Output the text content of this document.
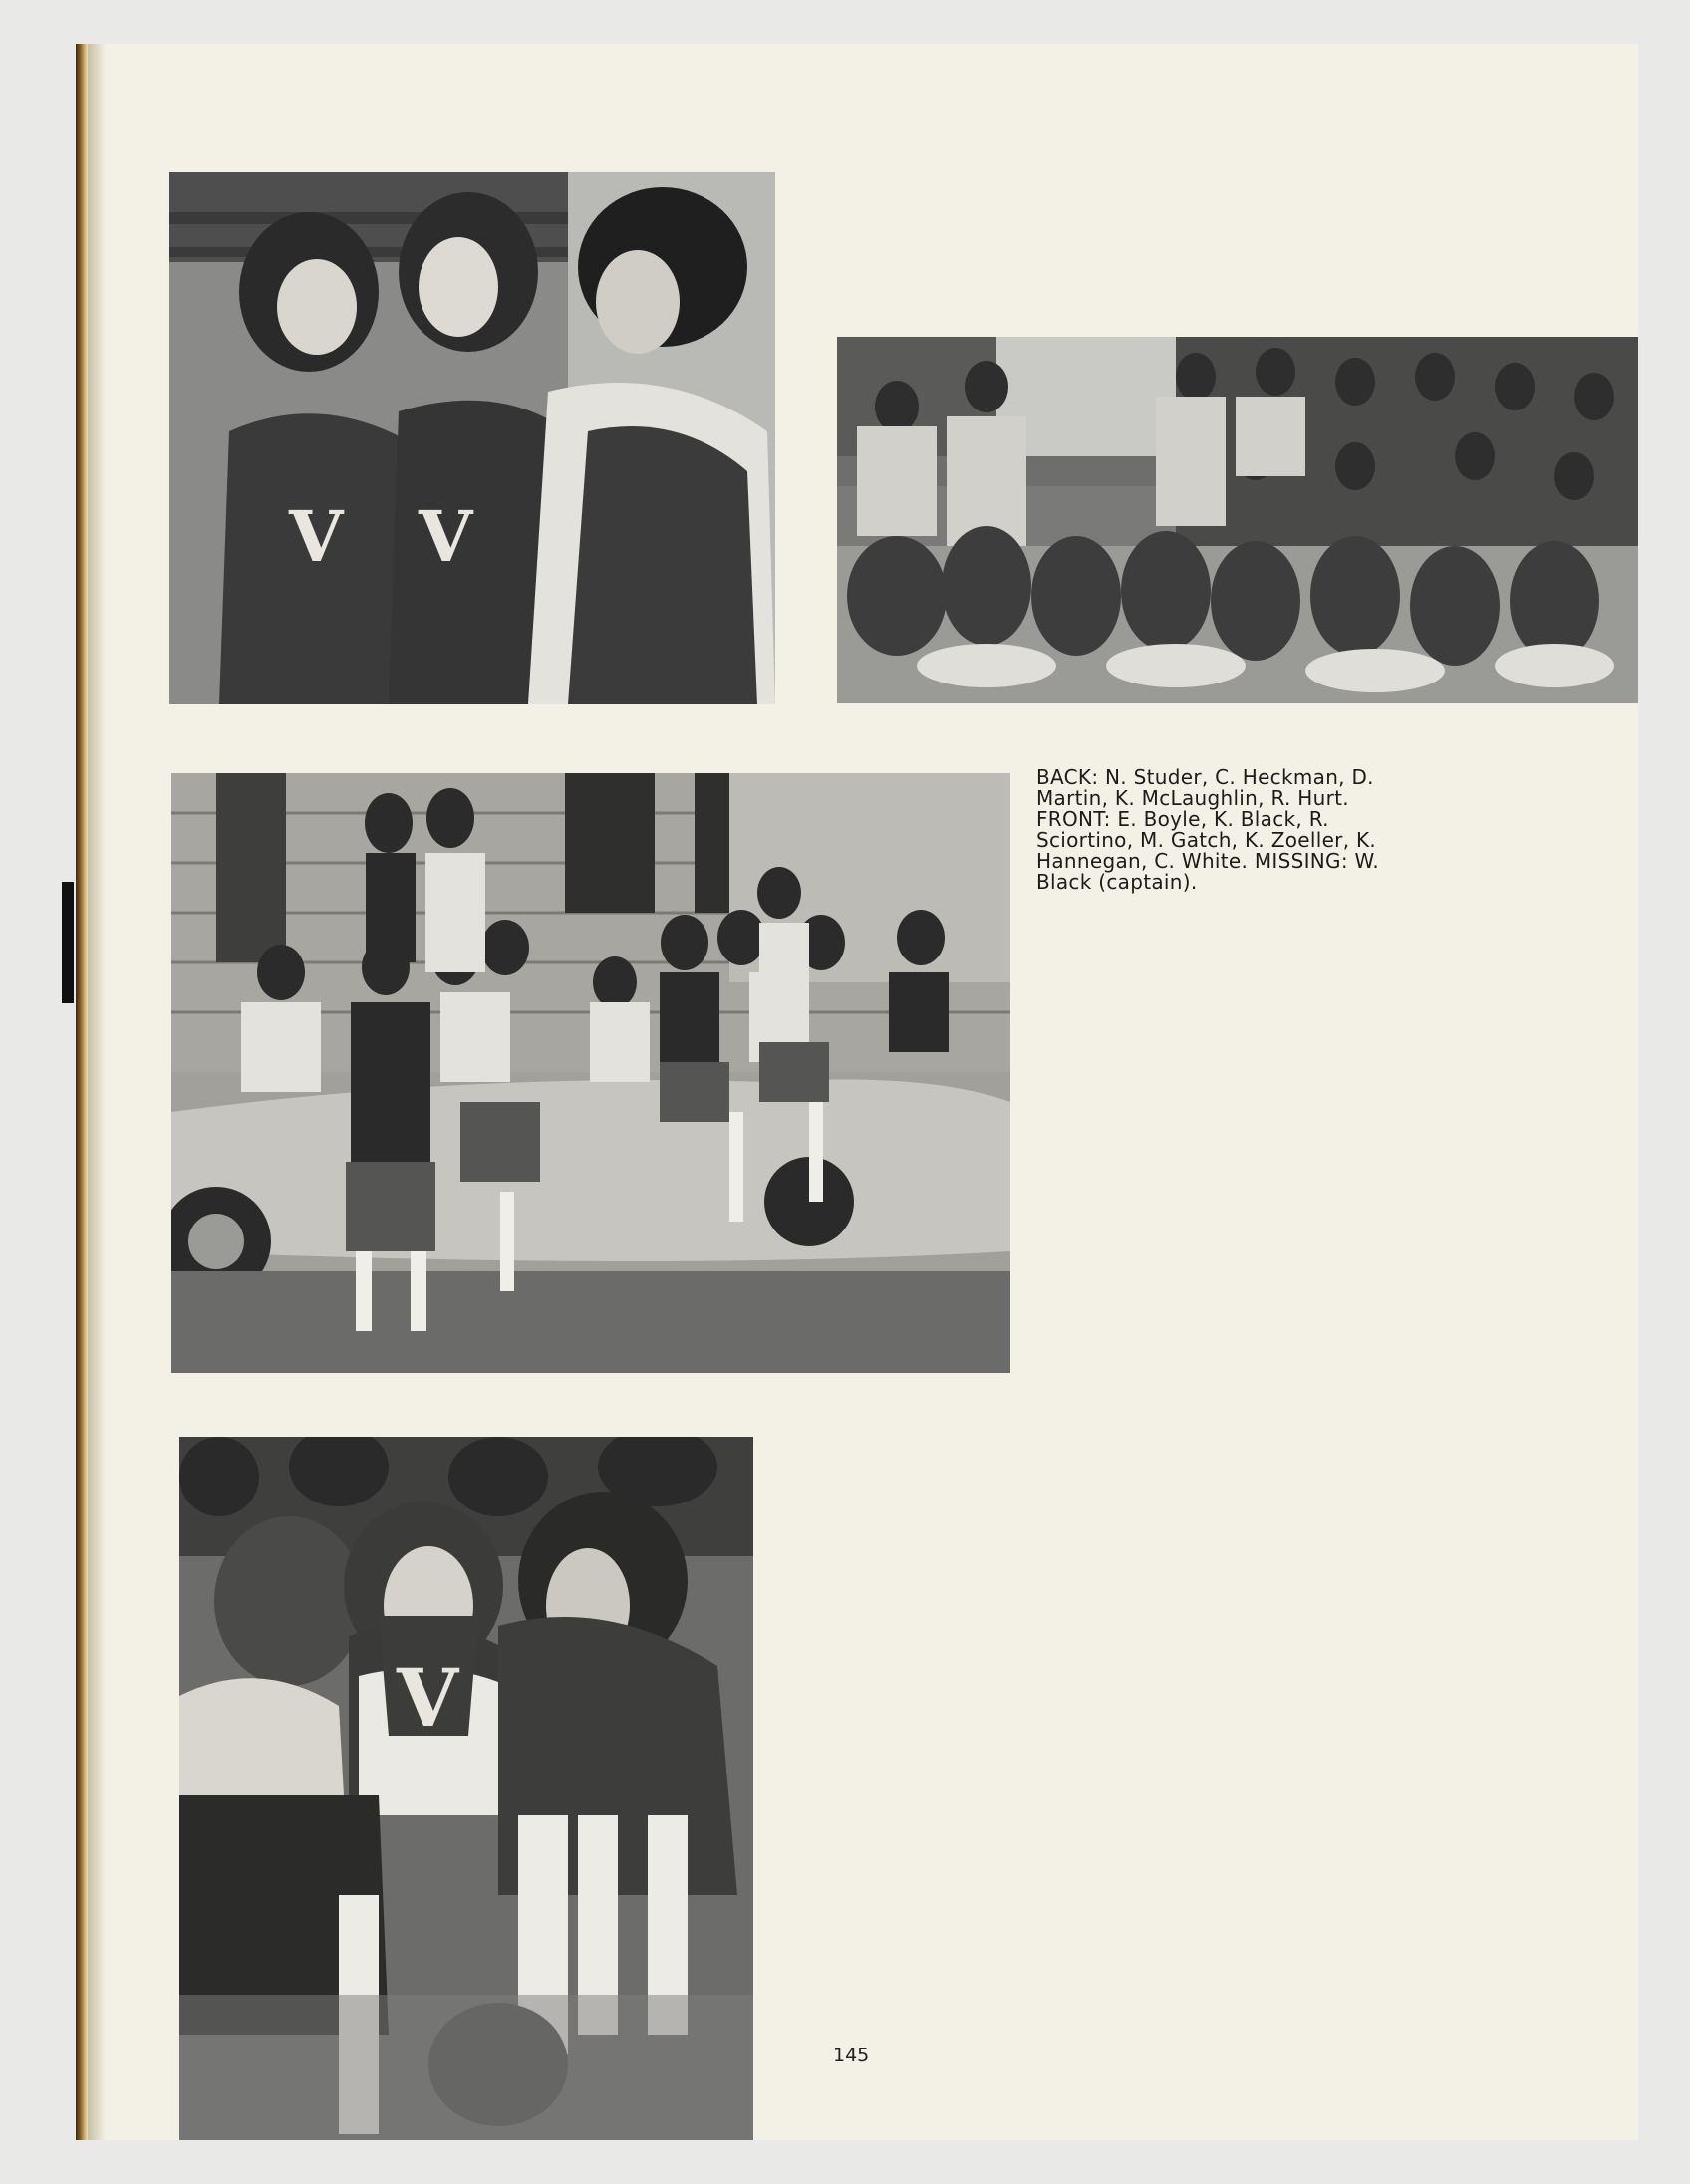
V V
V
BACK: N. Studer, C. Heckman, D.
Martin, K. McLaughlin, R. Hurt.
FRONT: E. Boyle, K. Black, R.
Sciortino, M. Gatch, K. Zoeller, K.
Hannegan, C. White. MISSING: W.
Black (captain).
145
